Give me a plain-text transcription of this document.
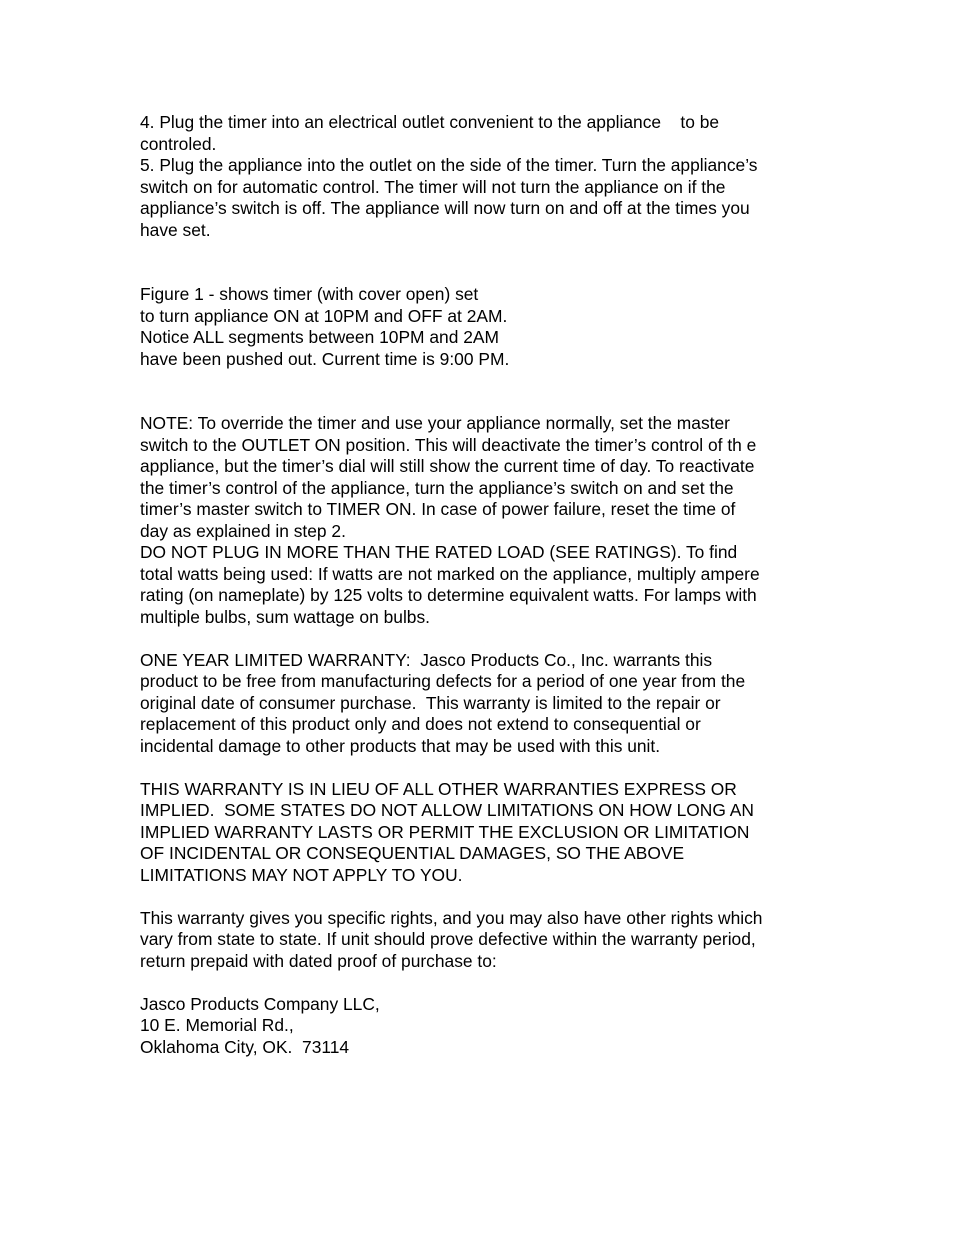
4. Plug the timer into an electrical outlet convenient to the appliance    to be
controled.
5. Plug the appliance into the outlet on the side of the timer. Turn the appliance’s
switch on for automatic control. The timer will not turn the appliance on if the
appliance’s switch is off. The appliance will now turn on and off at the times you
have set.
Figure 1 - shows timer (with cover open) set
to turn appliance ON at 10PM and OFF at 2AM.
Notice ALL segments between 10PM and 2AM
have been pushed out. Current time is 9:00 PM.
NOTE: To override the timer and use your appliance normally, set the master
switch to the OUTLET ON position. This will deactivate the timer’s control of th e
appliance, but the timer’s dial will still show the current time of day. To reactivate
the timer’s control of the appliance, turn the appliance’s switch on and set the
timer’s master switch to TIMER ON. In case of power failure, reset the time of
day as explained in step 2.
DO NOT PLUG IN MORE THAN THE RATED LOAD (SEE RATINGS). To find
total watts being used: If watts are not marked on the appliance, multiply ampere
rating (on nameplate) by 125 volts to determine equivalent watts. For lamps with
multiple bulbs, sum wattage on bulbs.
ONE YEAR LIMITED WARRANTY:  Jasco Products Co., Inc. warrants this
product to be free from manufacturing defects for a period of one year from the
original date of consumer purchase.  This warranty is limited to the repair or
replacement of this product only and does not extend to consequential or
incidental damage to other products that may be used with this unit.
THIS WARRANTY IS IN LIEU OF ALL OTHER WARRANTIES EXPRESS OR
IMPLIED.  SOME STATES DO NOT ALLOW LIMITATIONS ON HOW LONG AN
IMPLIED WARRANTY LASTS OR PERMIT THE EXCLUSION OR LIMITATION
OF INCIDENTAL OR CONSEQUENTIAL DAMAGES, SO THE ABOVE
LIMITATIONS MAY NOT APPLY TO YOU.
This warranty gives you specific rights, and you may also have other rights which
vary from state to state. If unit should prove defective within the warranty period,
return prepaid with dated proof of purchase to:
Jasco Products Company LLC,
10 E. Memorial Rd.,
Oklahoma City, OK.  73114
